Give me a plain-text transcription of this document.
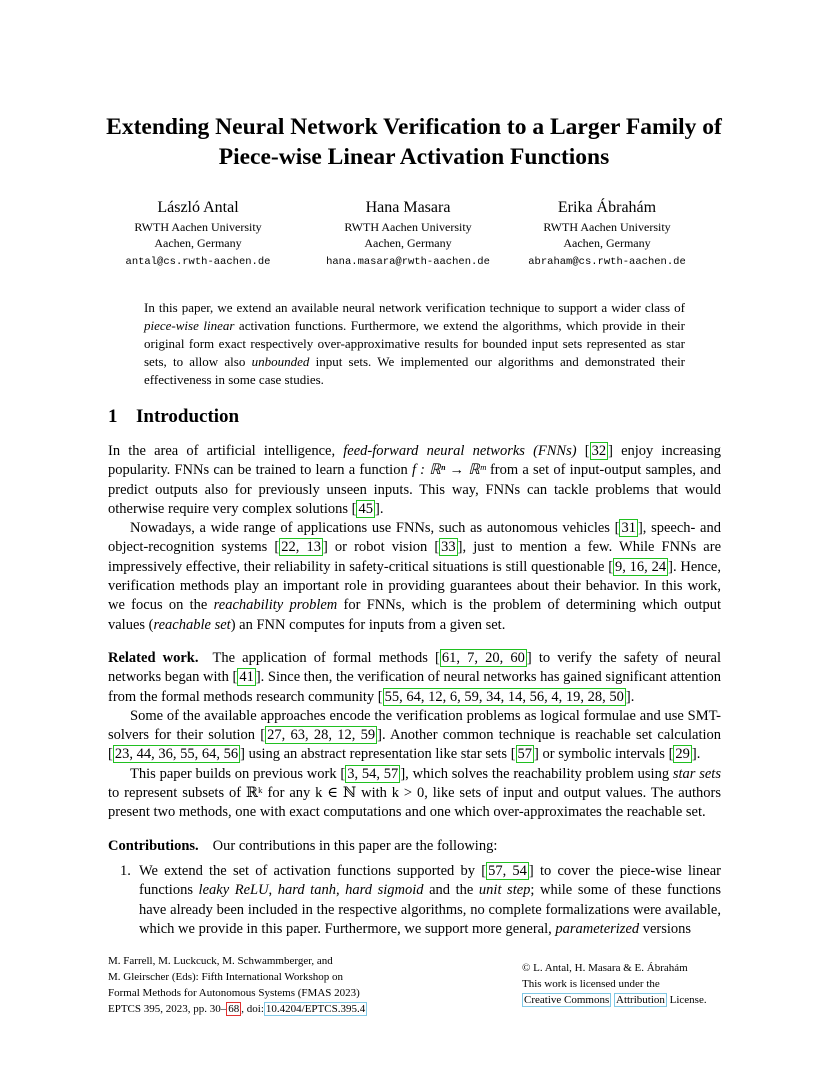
Extending Neural Network Verification to a Larger Family of
Piece-wise Linear Activation Functions
László Antal
RWTH Aachen University
Aachen, Germany
antal@cs.rwth-aachen.de
Hana Masara
RWTH Aachen University
Aachen, Germany
hana.masara@rwth-aachen.de
Erika Ábrahám
RWTH Aachen University
Aachen, Germany
abraham@cs.rwth-aachen.de

In this paper, we extend an available neural network verification technique to support a wider class of piece-wise linear activation functions. Furthermore, we extend the algorithms, which provide in their original form exact respectively over-approximative results for bounded input sets represented as star sets, to allow also unbounded input sets. We implemented our algorithms and demonstrated their effectiveness in some case studies.

1 Introduction

In the area of artificial intelligence, feed-forward neural networks (FNNs) [ 32 ] enjoy increasing popularity. FNNs can be trained to learn a function f : ℝⁿ → ℝᵐ from a set of input-output samples, and predict outputs also for previously unseen inputs. This way, FNNs can tackle problems that would otherwise require very complex solutions [ 45 ].

Nowadays, a wide range of applications use FNNs, such as autonomous vehicles [ 31 ], speech- and object-recognition systems [ 22, 13 ] or robot vision [ 33 ], just to mention a few. While FNNs are impressively effective, their reliability in safety-critical situations is still questionable [ 9, 16, 24 ]. Hence, verification methods play an important role in providing guarantees about their behavior. In this work, we focus on the reachability problem for FNNs, which is the problem of determining which output values (reachable set) an FNN computes for inputs from a given set.

Related work. The application of formal methods [ 61, 7, 20, 60 ] to verify the safety of neural networks began with [ 41 ]. Since then, the verification of neural networks has gained significant attention from the formal methods research community [ 55, 64, 12, 6, 59, 34, 14, 56, 4, 19, 28, 50 ].

Some of the available approaches encode the verification problems as logical formulae and use SMT-solvers for their solution [ 27, 63, 28, 12, 59 ]. Another common technique is reachable set calculation [ 23, 44, 36, 55, 64, 56 ] using an abstract representation like star sets [ 57 ] or symbolic intervals [ 29 ].

This paper builds on previous work [ 3, 54, 57 ], which solves the reachability problem using star sets to represent subsets of ℝᵏ for any k ∈ ℕ with k > 0, like sets of input and output values. The authors present two methods, one with exact computations and one which over-approximates the reachable set.

Contributions. Our contributions in this paper are the following:

1. We extend the set of activation functions supported by [ 57, 54 ] to cover the piece-wise linear functions leaky ReLU, hard tanh, hard sigmoid and the unit step; while some of these functions have already been included in the respective algorithms, no complete formalizations were available, which we provide in this paper. Furthermore, we support more general, parameterized versions

M. Farrell, M. Luckcuck, M. Schwammberger, and

M. Gleirscher (Eds): Fifth International Workshop on

Formal Methods for Autonomous Systems (FMAS 2023)

EPTCS 395, 2023, pp. 30– 68 , doi: 10.4204/EPTCS.395.4

© L. Antal, H. Masara & E. Ábrahám

This work is licensed under the

Creative Commons Attribution License.
